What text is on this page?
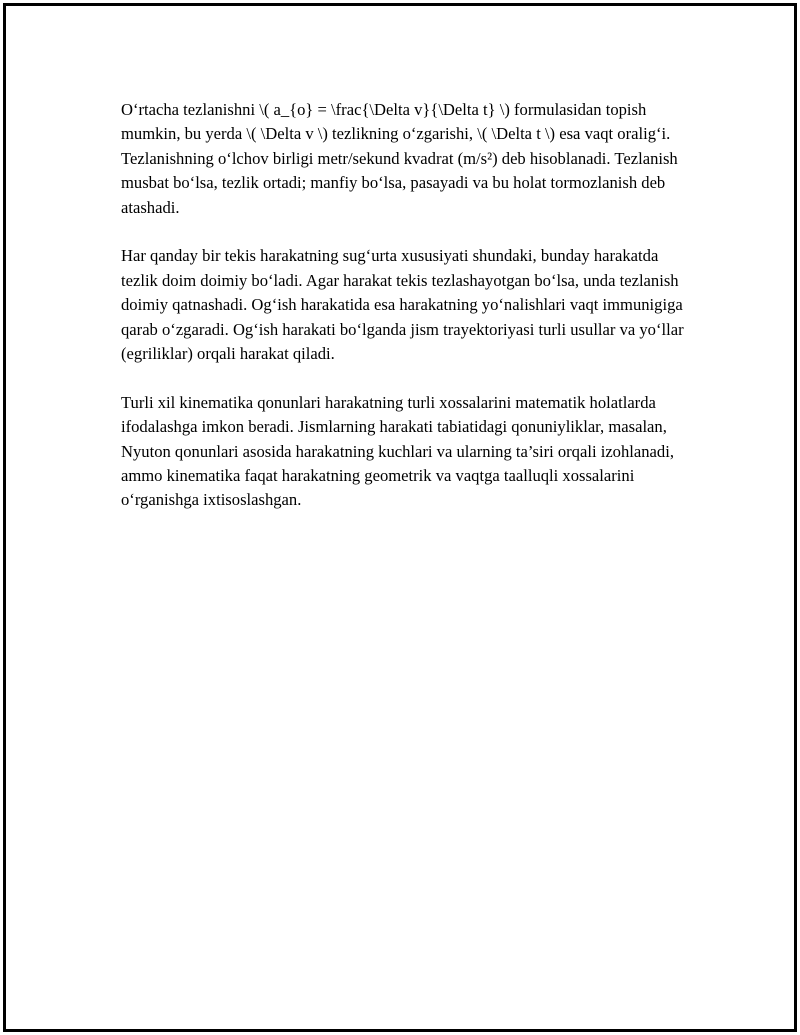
O‘rtacha tezlanishni \( a_{o} = \frac{\Delta v}{\Delta t} \) formulasidan topish mumkin, bu yerda \( \Delta v \) tezlikning o‘zgarishi, \( \Delta t \) esa vaqt oralig‘i. Tezlanishning o‘lchov birligi metr/sekund kvadrat (m/s²) deb hisoblanadi. Tezlanish musbat bo‘lsa, tezlik ortadi; manfiy bo‘lsa, pasayadi va bu holat tormozlanish deb atashadi.

Har qanday bir tekis harakatning sug‘urta xususiyati shundaki, bunday harakatda tezlik doim doimiy bo‘ladi. Agar harakat tekis tezlashayotgan bo‘lsa, unda tezlanish doimiy qatnashadi. Og‘ish harakatida esa harakatning yo‘nalishlari vaqt immunigiga qarab o‘zgaradi. Og‘ish harakati bo‘lganda jism trayektoriyasi turli usullar va yo‘llar (egriliklar) orqali harakat qiladi.

Turli xil kinematika qonunlari harakatning turli xossalarini matematik holatlarda ifodalashga imkon beradi. Jismlarning harakati tabiatidagi qonuniyliklar, masalan, Nyuton qonunlari asosida harakatning kuchlari va ularning ta’siri orqali izohlanadi, ammo kinematika faqat harakatning geometrik va vaqtga taalluqli xossalarini o‘rganishga ixtisoslashgan.
